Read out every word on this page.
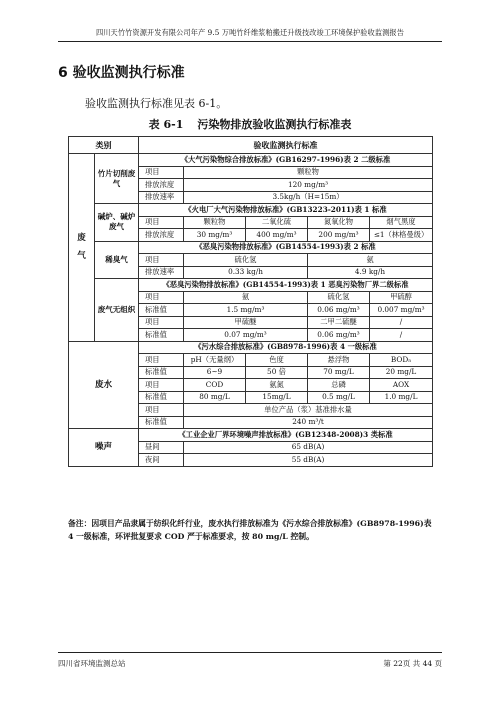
四川天竹竹资源开发有限公司年产 9.5 万吨竹纤维浆粕搬迁升级技改竣工环境保护验收监测报告
6 验收监测执行标准
验收监测执行标准见表 6-1。
表 6-1 污染物排放验收监测执行标准表
类别		验收监测执行标准				

废
气	竹片切削废气	《大气污染物综合排放标准》(GB16297-1996)表 2 二级标准				
		项目	颗粒物			
		排放浓度	120 mg/m³			
		排放速率	3.5kg/h（H=15m）			
	碱炉、碱炉废气	《火电厂大气污染物排放标准》(GB13223-2011)表 1 标准				
		项目	颗粒物	二氧化硫	氮氧化物	烟气黑度
		排放浓度	30 mg/m³	400 mg/m³	200 mg/m³	≤1（林格曼级）
	稀臭气	《恶臭污染物排放标准》(GB14554-1993)表 2 标准				
		项目	硫化氢		氨	
		排放速率	0.33 kg/h		4.9 kg/h	
	废气无组织	《恶臭污染物排放标准》(GB14554-1993)表 1 恶臭污染物厂界二级标准				
		项目	氨		硫化氢	甲硫醇
		标准值	1.5 mg/m³		0.06 mg/m³	0.007 mg/m³
		项目	甲硫醚		二甲二硫醚	/
		标准值	0.07 mg/m³		0.06 mg/m³	/
废水		《污水综合排放标准》(GB8978-1996)表 4 一级标准				
		项目	pH（无量纲）	色度	悬浮物	BOD₅
		标准值	6~9	50 倍	70 mg/L	20 mg/L
		项目	COD	氨氮	总磷	AOX
		标准值	80 mg/L	15mg/L	0.5 mg/L	1.0 mg/L
		项目	单位产品（浆）基准排水量			
		标准值	240 m³/t			
噪声		《工业企业厂界环境噪声排放标准》(GB12348-2008)3 类标准				
		昼间	65 dB(A)			
		夜间	55 dB(A)			
备注：因项目产品隶属于纺织化纤行业，废水执行排放标准为《污水综合排放标准》(GB8978-1996)表 4 一级标准，环评批复要求 COD 严于标准要求，按 80 mg/L 控制。
四川省环境监测总站	第 22页 共 44 页
